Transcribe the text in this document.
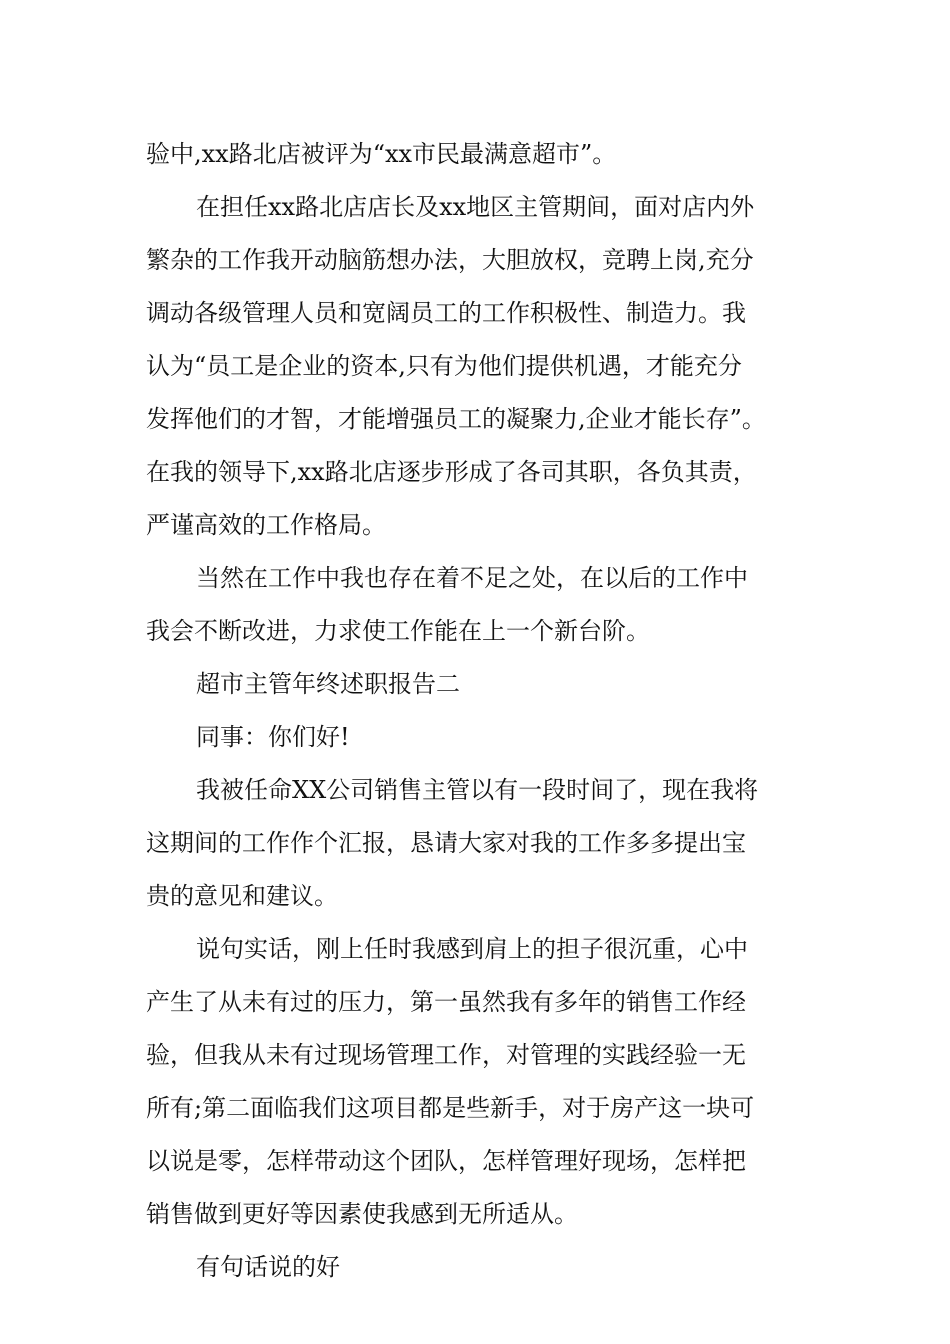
验中,xx路北店被评为“xx市民最满意超市”。
在担任xx路北店店长及xx地区主管期间，面对店内外
繁杂的工作我开动脑筋想办法，大胆放权，竞聘上岗,充分
调动各级管理人员和宽阔员工的工作积极性、制造力。我
认为“员工是企业的资本,只有为他们提供机遇，才能充分
发挥他们的才智，才能增强员工的凝聚力,企业才能长存”。
在我的领导下,xx路北店逐步形成了各司其职，各负其责，
严谨高效的工作格局。
当然在工作中我也存在着不足之处，在以后的工作中
我会不断改进，力求使工作能在上一个新台阶。
超市主管年终述职报告二
同事：你们好!
我被任命XX公司销售主管以有一段时间了，现在我将
这期间的工作作个汇报，恳请大家对我的工作多多提出宝
贵的意见和建议。
说句实话，刚上任时我感到肩上的担子很沉重，心中
产生了从未有过的压力，第一虽然我有多年的销售工作经
验，但我从未有过现场管理工作，对管理的实践经验一无
所有;第二面临我们这项目都是些新手，对于房产这一块可
以说是零，怎样带动这个团队，怎样管理好现场，怎样把
销售做到更好等因素使我感到无所适从。
有句话说的好
